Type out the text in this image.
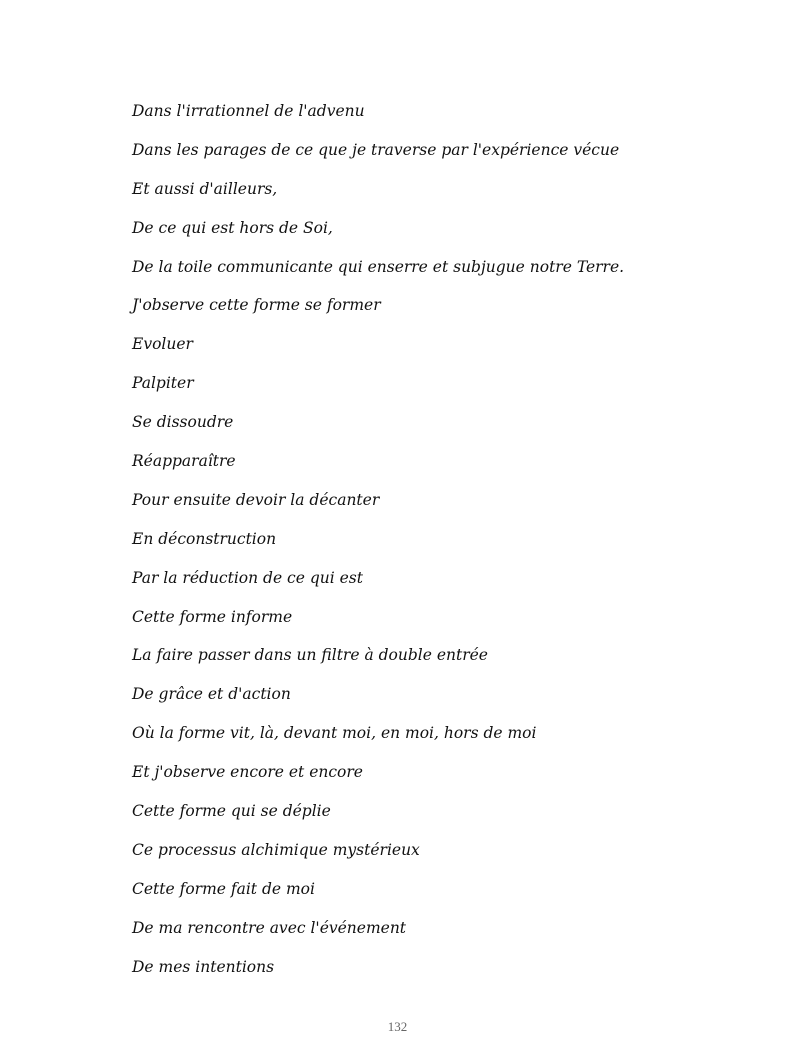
Dans l'irrationnel de l'advenu
Dans les parages de ce que je traverse par l'expérience vécue
Et aussi d'ailleurs,
De ce qui est hors de Soi,
De la toile communicante qui enserre et subjugue notre Terre.
J'observe cette forme se former
Evoluer
Palpiter
Se dissoudre
Réapparaître
Pour ensuite devoir la décanter
En déconstruction
Par la réduction de ce qui est
Cette forme informe
La faire passer dans un filtre à double entrée
De grâce et d'action
Où la forme vit, là, devant moi, en moi, hors de moi
Et j'observe encore et encore
Cette forme qui se déplie
Ce processus alchimique mystérieux
Cette forme fait de moi
De ma rencontre avec l'événement
De mes intentions
132
